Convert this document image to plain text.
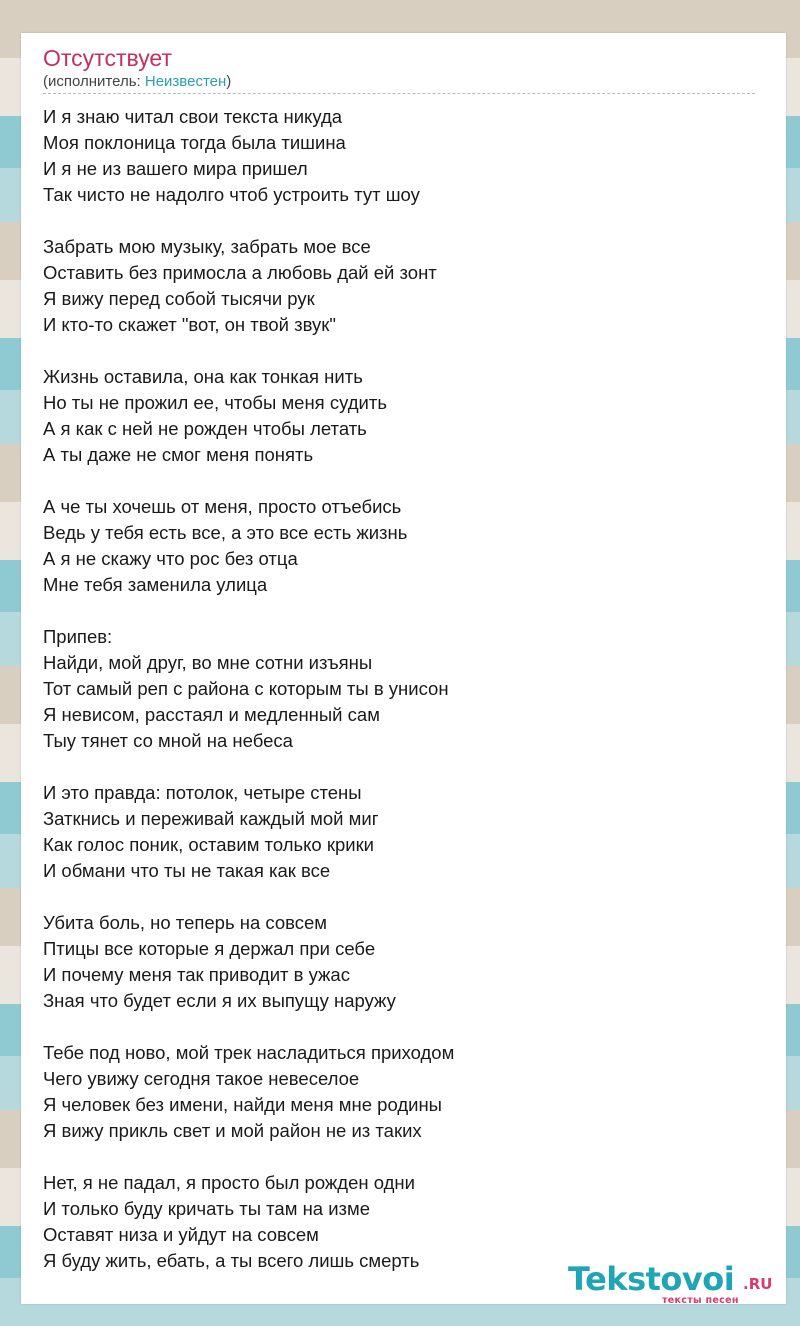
Отсутствует
(исполнитель: Неизвестен)
И я знаю читал свои текста никуда
Моя поклоница тогда была тишина
И я не из вашего мира пришел
Так чисто не надолго чтоб устроить тут шоу
Забрать мою музыку, забрать мое все
Оставить без примосла а любовь дай ей зонт
Я вижу перед собой тысячи рук
И кто-то скажет "вот, он твой звук"
Жизнь оставила, она как тонкая нить
Но ты не прожил ее, чтобы меня судить
А я как с ней не рожден чтобы летать
А ты даже не смог меня понять
А че ты хочешь от меня, просто отъебись
Ведь у тебя есть все, а это все есть жизнь
А я не скажу что рос без отца
Мне тебя заменила улица
Припев:
Найди, мой друг, во мне сотни изъяны
Тот самый реп с района с которым ты в унисон
Я невисом, расстаял и медленный сам
Тыу тянет со мной на небеса
И это правда: потолок, четыре стены
Заткнись и переживай каждый мой миг
Как голос поник, оставим только крики
И обмани что ты не такая как все
Убита боль, но теперь на совсем
Птицы все которые я держал при себе
И почему меня так приводит в ужас
Зная что будет если я их выпущу наружу
Тебе под ново, мой трек насладиться приходом
Чего увижу сегодня такое невеселое
Я человек без имени, найди меня мне родины
Я вижу прикль свет и мой район не из таких
Нет, я не падал, я просто был рожден одни
И только буду кричать ты там на изме
Оставят низа и уйдут на совсем
Я буду жить, ебать, а ты всего лишь смерть	Tekstovoi .RU
тексты песен
